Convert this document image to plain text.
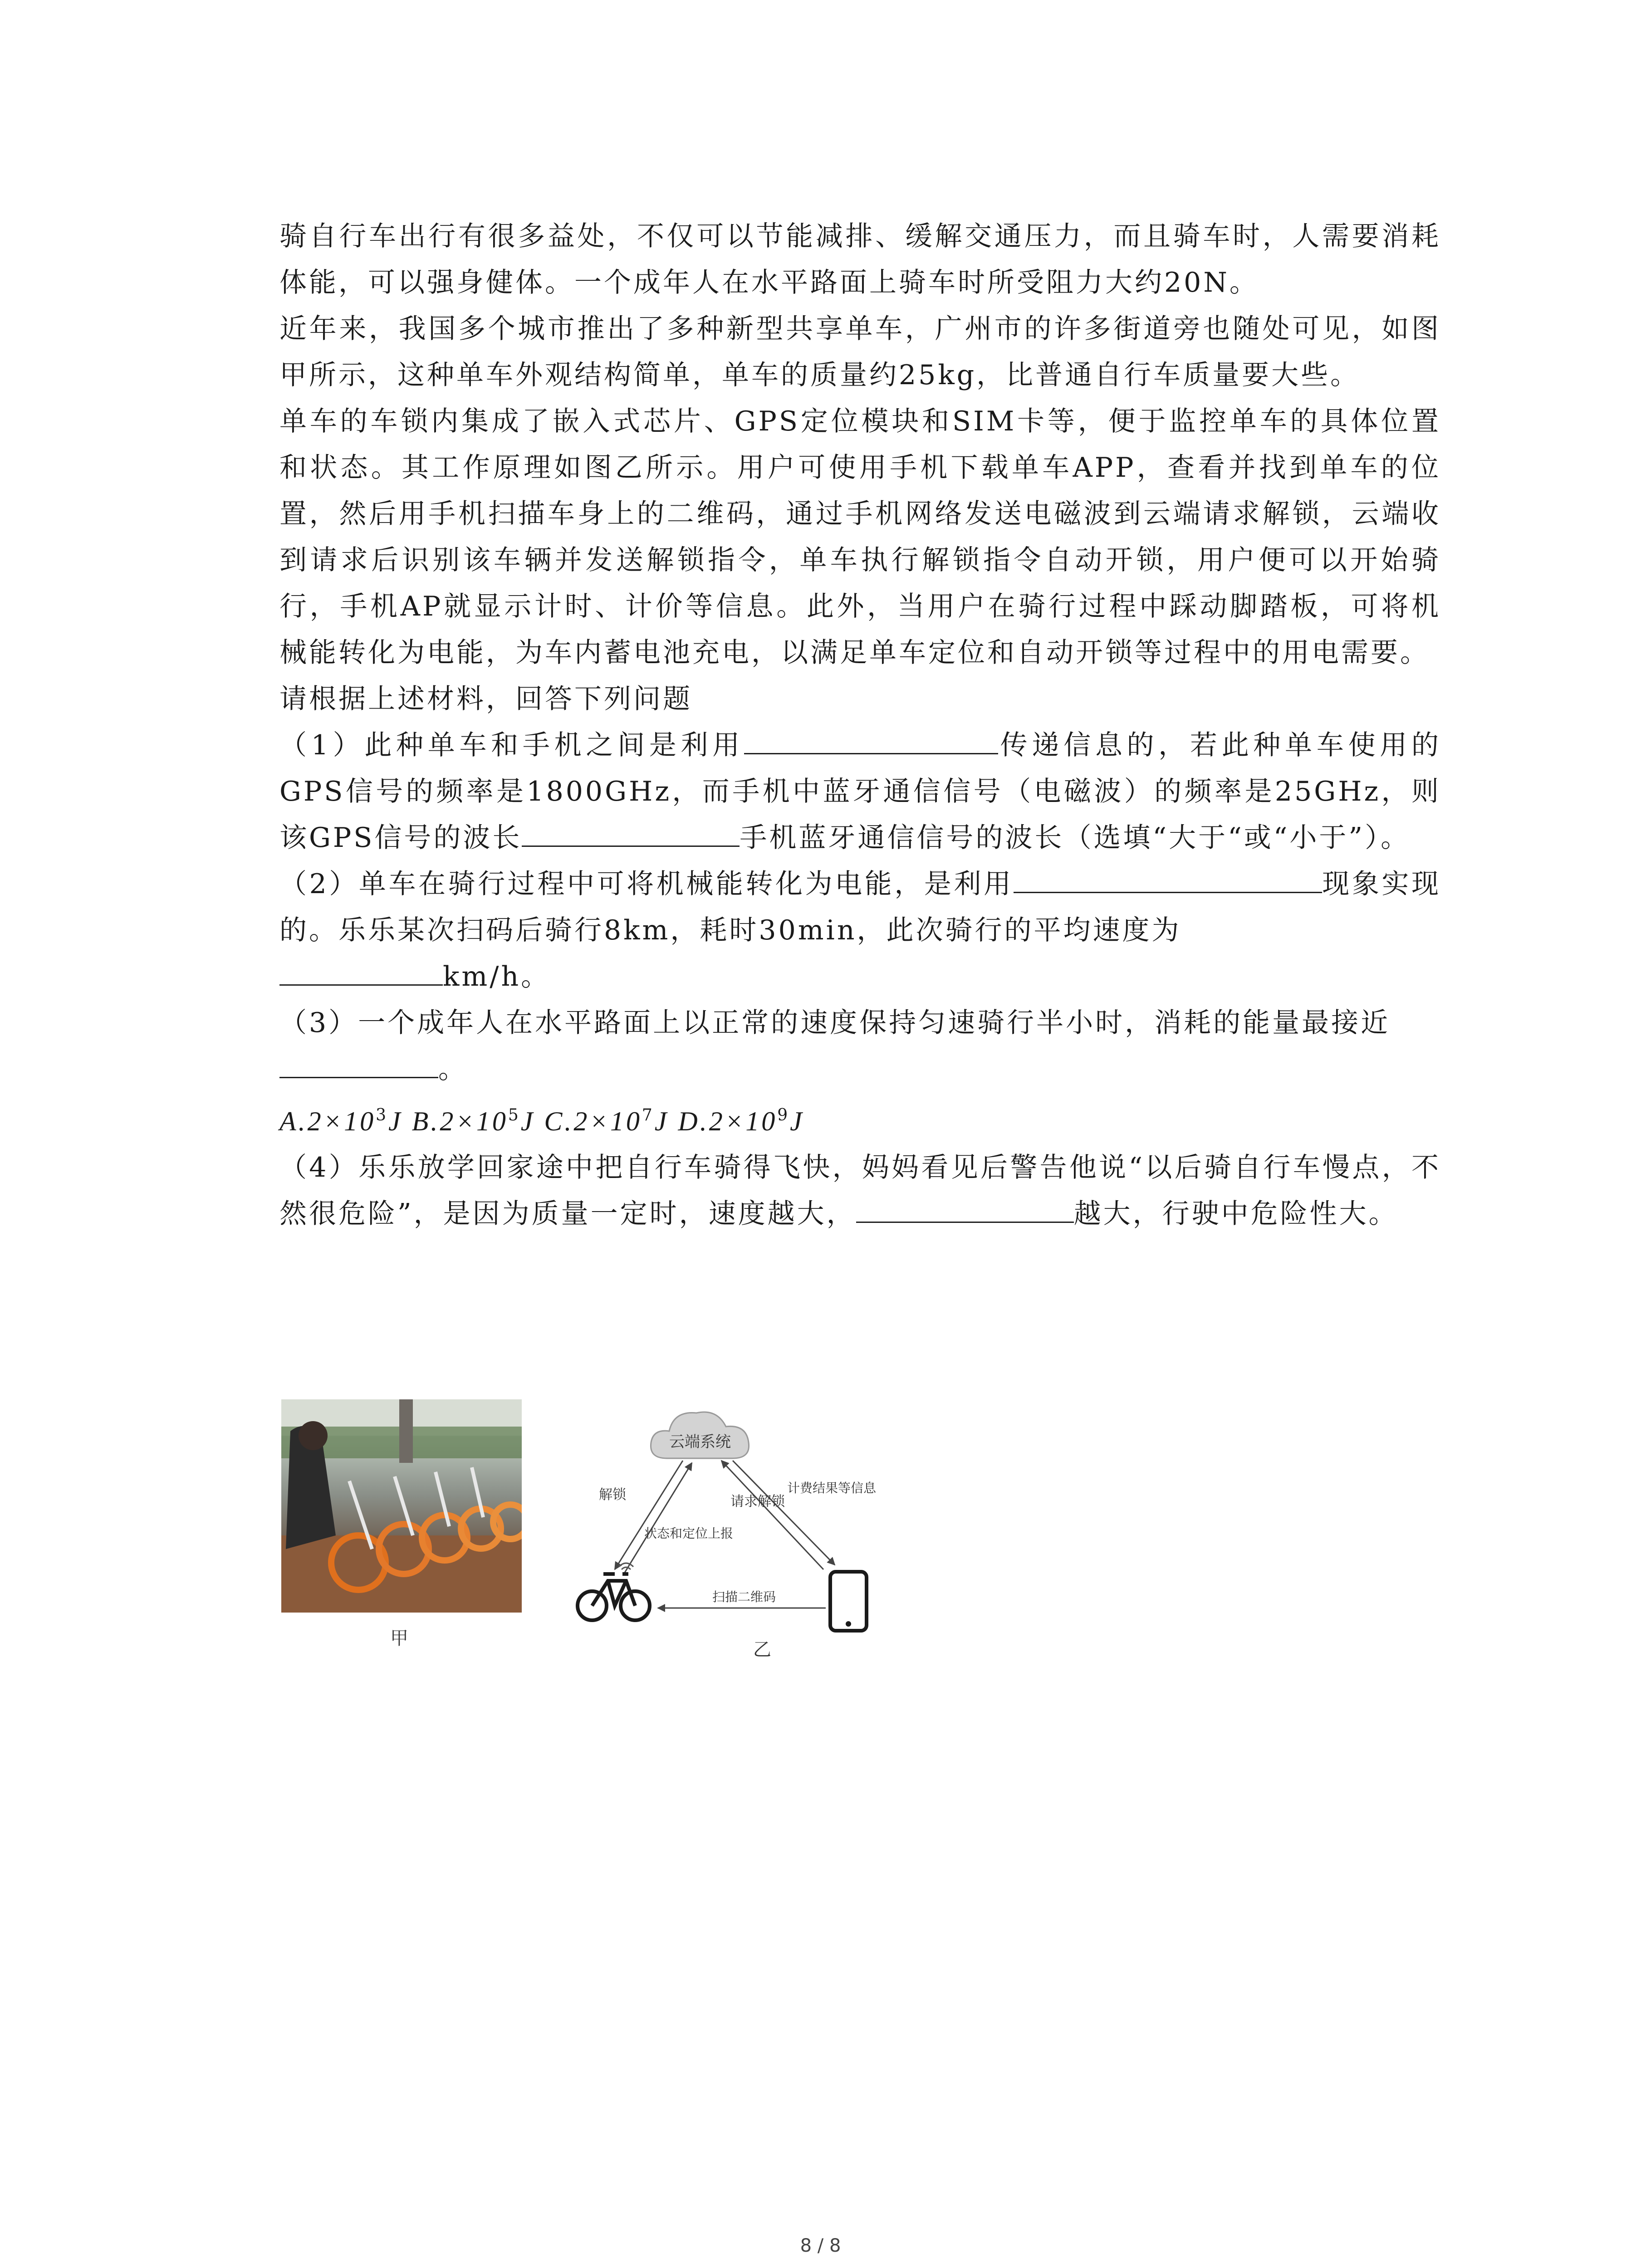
骑自行车出行有很多益处，不仅可以节能减排、缓解交通压力，而且骑车时，人需要消耗体能，可以强身健体。一个成年人在水平路面上骑车时所受阻力大约20N。

近年来，我国多个城市推出了多种新型共享单车，广州市的许多街道旁也随处可见，如图甲所示，这种单车外观结构简单，单车的质量约25kg，比普通自行车质量要大些。

单车的车锁内集成了嵌入式芯片、GPS定位模块和SIM卡等，便于监控单车的具体位置和状态。其工作原理如图乙所示。用户可使用手机下载单车APP，查看并找到单车的位置，然后用手机扫描车身上的二维码，通过手机网络发送电磁波到云端请求解锁，云端收到请求后识别该车辆并发送解锁指令，单车执行解锁指令自动开锁，用户便可以开始骑行，手机AP就显示计时、计价等信息。此外，当用户在骑行过程中踩动脚踏板，可将机械能转化为电能，为车内蓄电池充电，以满足单车定位和自动开锁等过程中的用电需要。

请根据上述材料，回答下列问题

（1）此种单车和手机之间是利用	传递信息的，若此种单车使用的GPS信号的频率是1800GHz，而手机中蓝牙通信信号（电磁波）的频率是25GHz，则该GPS信号的波长	手机蓝牙通信信号的波长（选填“大于“或“小于”）。

（2）单车在骑行过程中可将机械能转化为电能，是利用	现象实现的。乐乐某次扫码后骑行8km，耗时30min，此次骑行的平均速度为
km/h。

（3）一个成年人在水平路面上以正常的速度保持匀速骑行半小时，消耗的能量最接近
。

$A.2\times 10^3J$ $B.2\times 10^5J$ $C.2\times 10^7J$ $D.2\times 10^9J$

（4）乐乐放学回家途中把自行车骑得飞快，妈妈看见后警告他说“以后骑自行车慢点，不然很危险”，是因为质量一定时，速度越大，	越大，行驶中危险性大。

甲
云端系统
解锁
状态和定位上报
请求解锁
计费结果等信息
扫描二维码
乙
8 / 8
